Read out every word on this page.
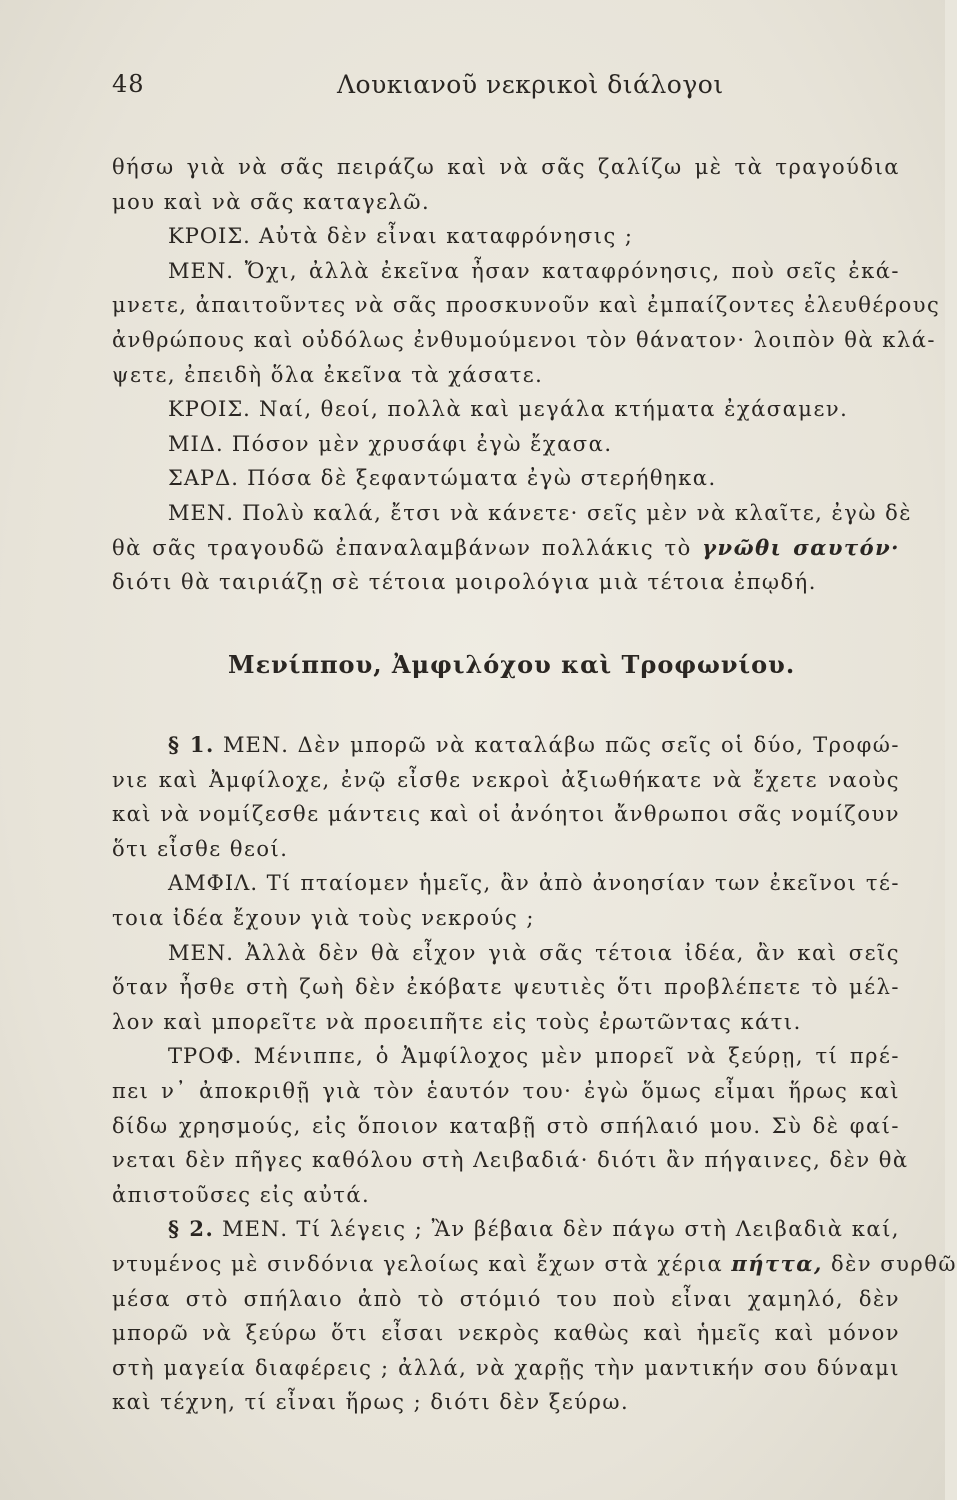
48	Λουκιανοῦ νεκρικοὶ διάλογοι
θήσω γιὰ νὰ σᾶς πειράζω καὶ νὰ σᾶς ζαλίζω μὲ τὰ τραγούδια
μου καὶ νὰ σᾶς καταγελῶ.
ΚΡΟΙΣ. Αὐτὰ δὲν εἶναι καταφρόνησις ;
ΜΕΝ. Ὄχι, ἀλλὰ ἐκεῖνα ἦσαν καταφρόνησις, ποὺ σεῖς ἐκά-
μνετε, ἀπαιτοῦντες νὰ σᾶς προσκυνοῦν καὶ ἐμπαίζοντες ἐλευθέρους
ἀνθρώπους καὶ οὐδόλως ἐνθυμούμενοι τὸν θάνατον· λοιπὸν θὰ κλά-
ψετε, ἐπειδὴ ὅλα ἐκεῖνα τὰ χάσατε.
ΚΡΟΙΣ. Ναί, θεοί, πολλὰ καὶ μεγάλα κτήματα ἐχάσαμεν.
ΜΙΔ. Πόσον μὲν χρυσάφι ἐγὼ ἔχασα.
ΣΑΡΔ. Πόσα δὲ ξεφαντώματα ἐγὼ στερήθηκα.
ΜΕΝ. Πολὺ καλά, ἔτσι νὰ κάνετε· σεῖς μὲν νὰ κλαῖτε, ἐγὼ δὲ
θὰ σᾶς τραγουδῶ ἐπαναλαμβάνων πολλάκις τὸ γνῶθι σαυτόν·
διότι θὰ ταιριάζῃ σὲ τέτοια μοιρολόγια μιὰ τέτοια ἐπῳδή.
Μενίππου, Ἀμφιλόχου καὶ Τροφωνίου.
§ 1. ΜΕΝ. Δὲν μπορῶ νὰ καταλάβω πῶς σεῖς οἱ δύο, Τροφώ-
νιε καὶ Ἀμφίλοχε, ἐνῷ εἶσθε νεκροὶ ἀξιωθήκατε νὰ ἔχετε ναοὺς
καὶ νὰ νομίζεσθε μάντεις καὶ οἱ ἀνόητοι ἄνθρωποι σᾶς νομίζουν
ὅτι εἶσθε θεοί.
ΑΜΦΙΛ. Τί πταίομεν ἡμεῖς, ἂν ἀπὸ ἀνοησίαν των ἐκεῖνοι τέ-
τοια ἰδέα ἔχουν γιὰ τοὺς νεκρούς ;
ΜΕΝ. Ἀλλὰ δὲν θὰ εἶχον γιὰ σᾶς τέτοια ἰδέα, ἂν καὶ σεῖς
ὅταν ἦσθε στὴ ζωὴ δὲν ἐκόβατε ψευτιὲς ὅτι προβλέπετε τὸ μέλ-
λον καὶ μπορεῖτε νὰ προειπῆτε εἰς τοὺς ἐρωτῶντας κάτι.
ΤΡΟΦ. Μένιππε, ὁ Ἀμφίλοχος μὲν μπορεῖ νὰ ξεύρῃ, τί πρέ-
πει ν᾿ ἀποκριθῇ γιὰ τὸν ἑαυτόν του· ἐγὼ ὅμως εἶμαι ἥρως καὶ
δίδω χρησμούς, εἰς ὅποιον καταβῇ στὸ σπήλαιό μου. Σὺ δὲ φαί-
νεται δὲν πῆγες καθόλου στὴ Λειβαδιά· διότι ἂν πήγαινες, δὲν θὰ
ἀπιστοῦσες εἰς αὐτά.
§ 2. ΜΕΝ. Τί λέγεις ; Ἂν βέβαια δὲν πάγω στὴ Λειβαδιὰ καί,
ντυμένος μὲ σινδόνια γελοίως καὶ ἔχων στὰ χέρια πήττα, δὲν συρθῶ
μέσα στὸ σπήλαιο ἀπὸ τὸ στόμιό του ποὺ εἶναι χαμηλό, δὲν
μπορῶ νὰ ξεύρω ὅτι εἶσαι νεκρὸς καθὼς καὶ ἡμεῖς καὶ μόνον
στὴ μαγεία διαφέρεις ; ἀλλά, νὰ χαρῇς τὴν μαντικήν σου δύναμι
καὶ τέχνη, τί εἶναι ἥρως ; διότι δὲν ξεύρω.
